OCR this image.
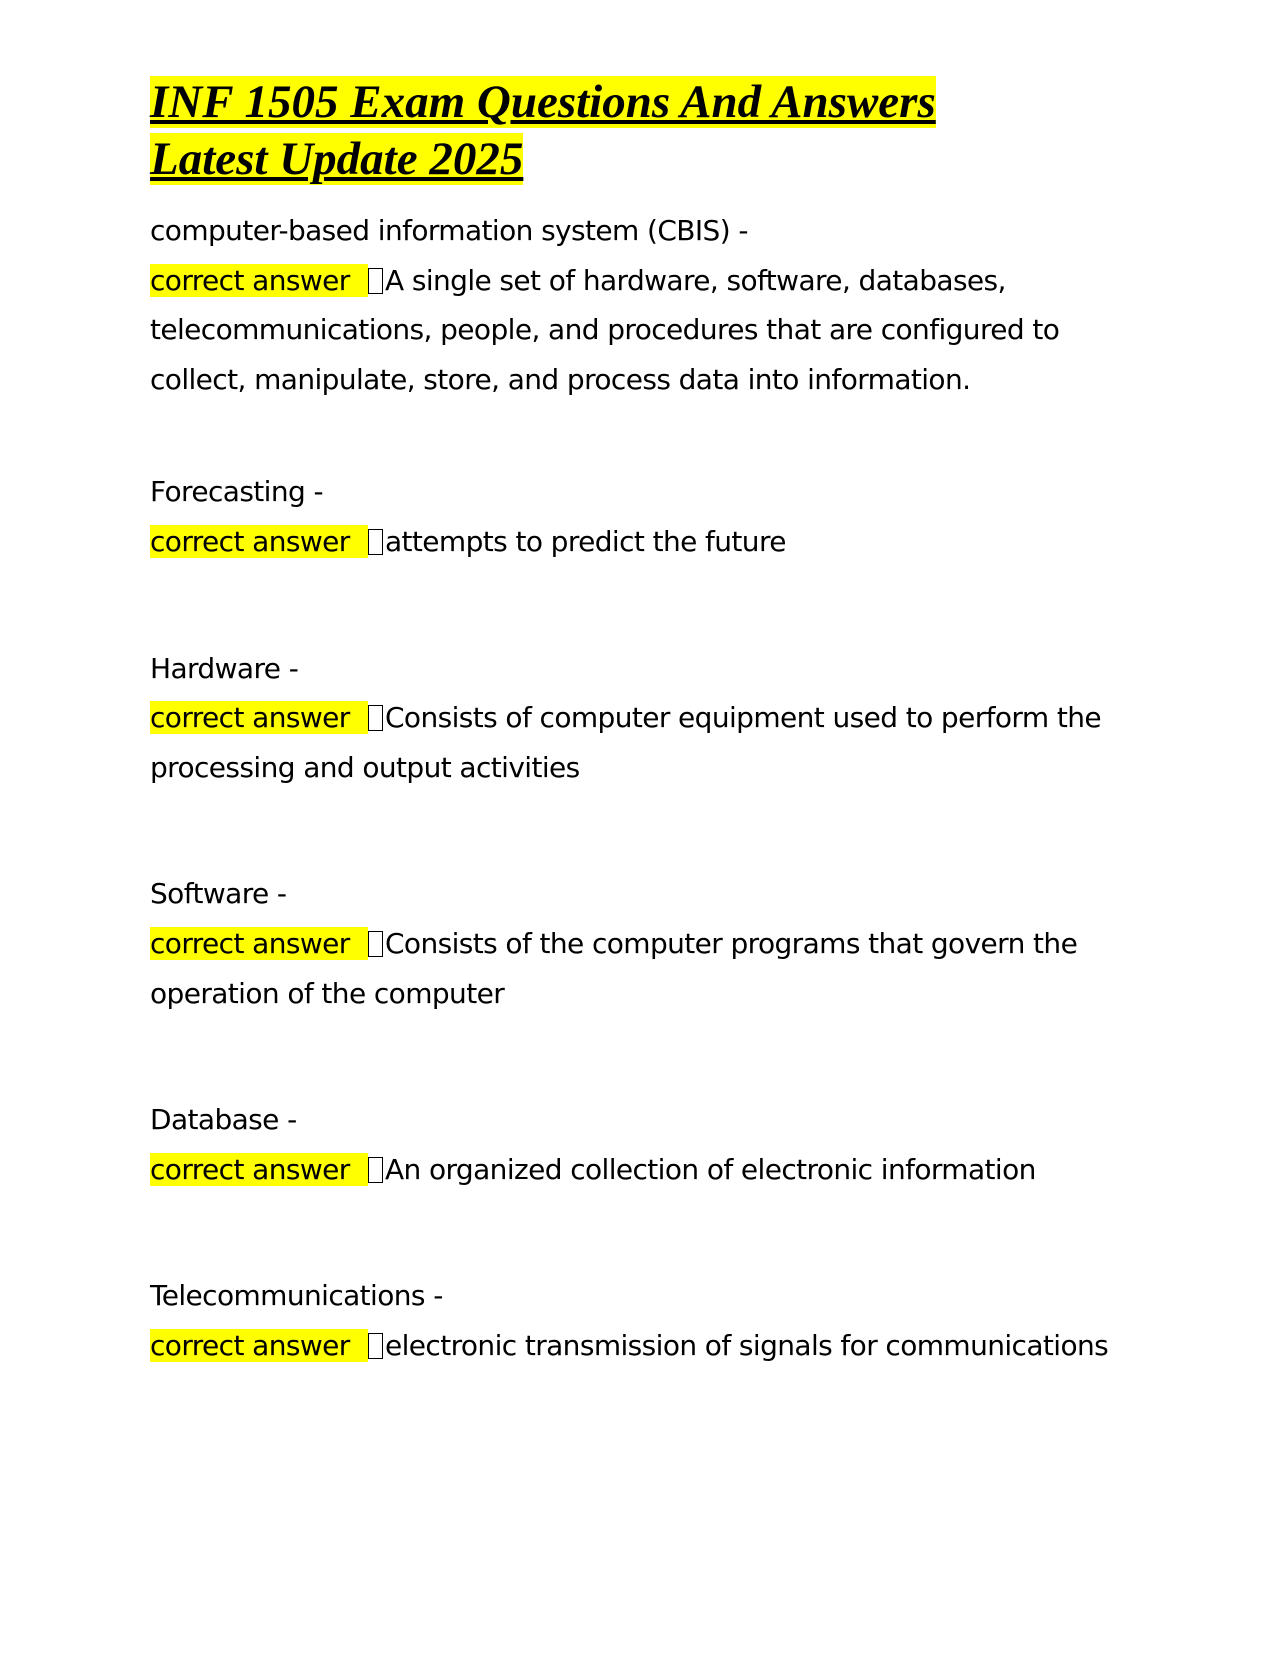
INF 1505 Exam Questions And Answers
Latest Update 2025

computer-based information system (CBIS) -
correct answer A single set of hardware, software, databases, telecommunications, people, and procedures that are configured to collect, manipulate, store, and process data into information.

Forecasting -
correct answer attempts to predict the future

Hardware -
correct answer Consists of computer equipment used to perform the processing and output activities

Software -
correct answer Consists of the computer programs that govern the operation of the computer

Database -
correct answer An organized collection of electronic information

Telecommunications -
correct answer electronic transmission of signals for communications
